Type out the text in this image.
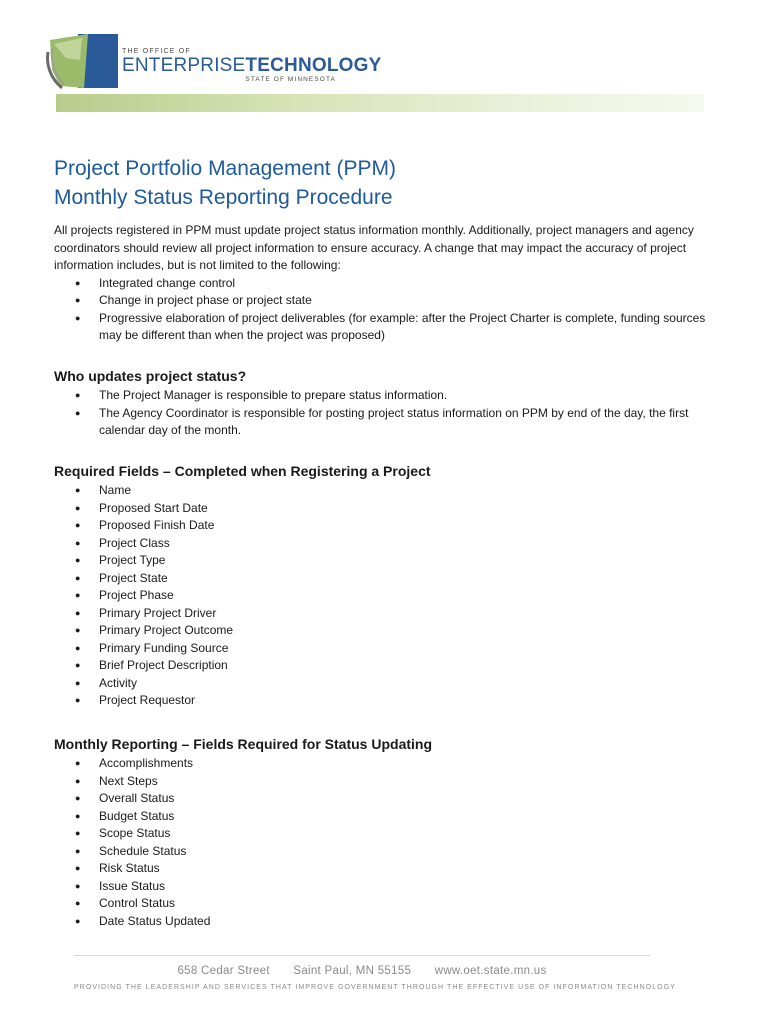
THE OFFICE OF
ENTERPRISETECHNOLOGY
STATE OF MINNESOTA
Project Portfolio Management (PPM)
Monthly Status Reporting Procedure
All projects registered in PPM must update project status information monthly. Additionally, project managers and agency coordinators should review all project information to ensure accuracy. A change that may impact the accuracy of project information includes, but is not limited to the following:
● Integrated change control
● Change in project phase or project state
● Progressive elaboration of project deliverables (for example: after the Project Charter is complete, funding sources may be different than when the project was proposed)
Who updates project status?
● The Project Manager is responsible to prepare status information.
● The Agency Coordinator is responsible for posting project status information on PPM by end of the day, the first calendar day of the month.
Required Fields – Completed when Registering a Project
● Name
● Proposed Start Date
● Proposed Finish Date
● Project Class
● Project Type
● Project State
● Project Phase
● Primary Project Driver
● Primary Project Outcome
● Primary Funding Source
● Brief Project Description
● Activity
● Project Requestor
Monthly Reporting – Fields Required for Status Updating
● Accomplishments
● Next Steps
● Overall Status
● Budget Status
● Scope Status
● Schedule Status
● Risk Status
● Issue Status
● Control Status
● Date Status Updated
658 Cedar Street Saint Paul, MN 55155 www.oet.state.mn.us
PROVIDING THE LEADERSHIP AND SERVICES THAT IMPROVE GOVERNMENT THROUGH THE EFFECTIVE USE OF INFORMATION TECHNOLOGY
